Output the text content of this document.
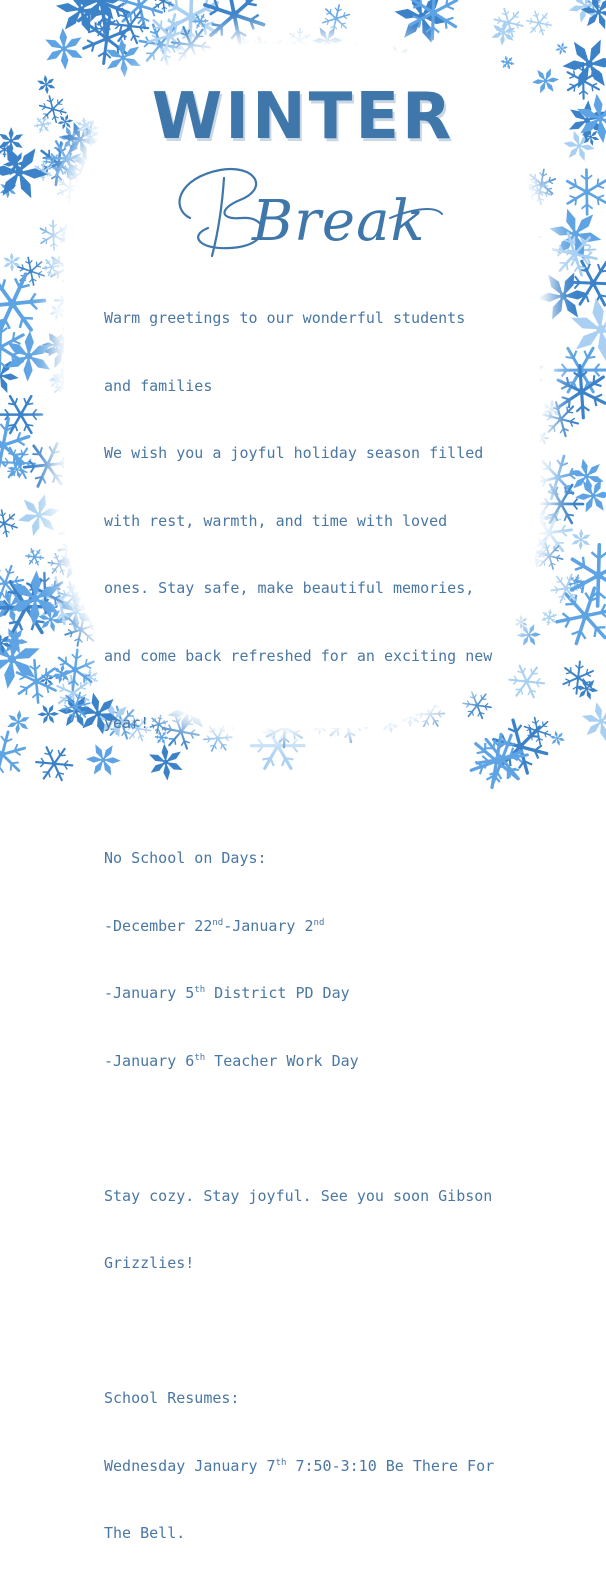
WINTER
Break

Warm greetings to our wonderful students

and families

We wish you a joyful holiday season filled

with rest, warmth, and time with loved

ones. Stay safe, make beautiful memories,

and come back refreshed for an exciting new

year!

No School on Days:

-December 22nd-January 2nd

-January 5th District PD Day

-January 6th Teacher Work Day

Stay cozy. Stay joyful. See you soon Gibson

Grizzlies!

School Resumes:

Wednesday January 7th 7:50-3:10 Be There For

The Bell.
